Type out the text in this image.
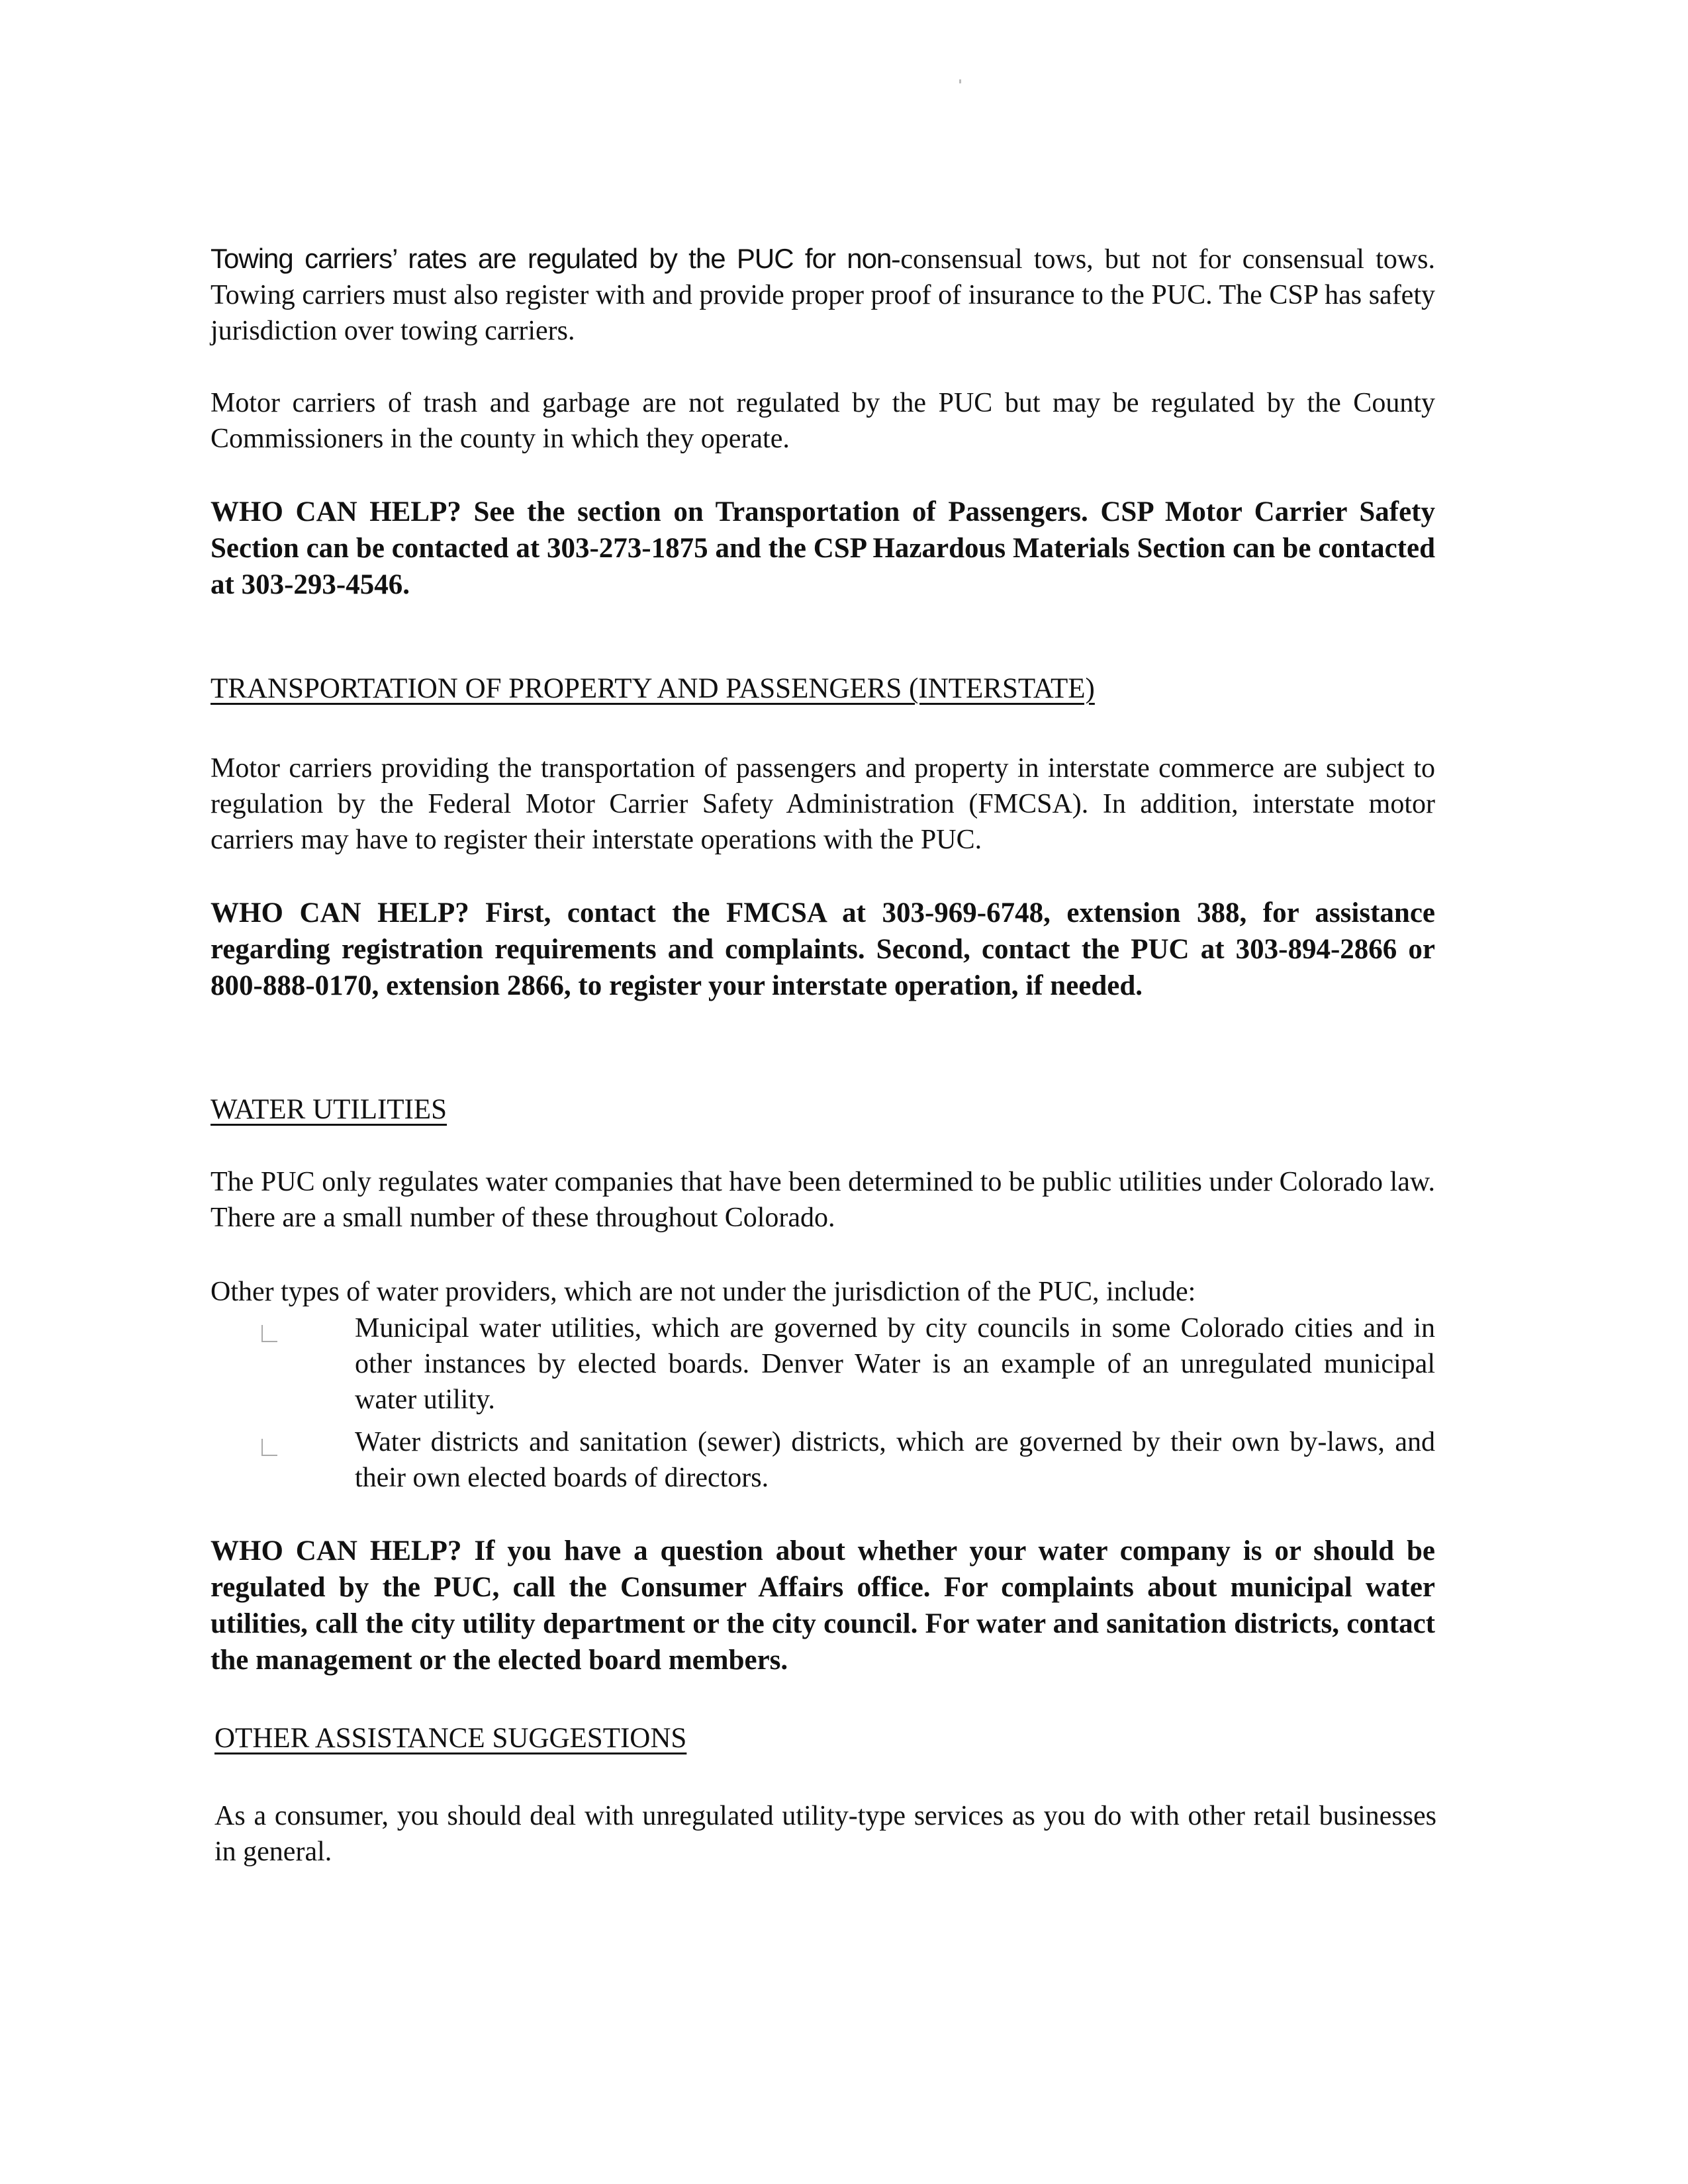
Towing carriers’ rates are regulated by the PUC for non-consensual tows, but not for consensual tows. Towing carriers must also register with and provide proper proof of insurance to the PUC. The CSP has safety jurisdiction over towing carriers.

Motor carriers of trash and garbage are not regulated by the PUC but may be regulated by the County Commissioners in the county in which they operate.

WHO CAN HELP? See the section on Transportation of Passengers. CSP Motor Carrier Safety Section can be contacted at 303-273-1875 and the CSP Hazardous Materials Section can be contacted at 303-293-4546.

TRANSPORTATION OF PROPERTY AND PASSENGERS (INTERSTATE)

Motor carriers providing the transportation of passengers and property in interstate commerce are subject to regulation by the Federal Motor Carrier Safety Administration (FMCSA). In addition, interstate motor carriers may have to register their interstate operations with the PUC.

WHO CAN HELP? First, contact the FMCSA at 303-969-6748, extension 388, for assistance regarding registration requirements and complaints. Second, contact the PUC at 303-894-2866 or 800-888-0170, extension 2866, to register your interstate operation, if needed.

WATER UTILITIES

The PUC only regulates water companies that have been determined to be public utilities under Colorado law. There are a small number of these throughout Colorado.

Other types of water providers, which are not under the jurisdiction of the PUC, include:

Municipal water utilities, which are governed by city councils in some Colorado cities and in other instances by elected boards. Denver Water is an example of an unregulated municipal water utility.
Water districts and sanitation (sewer) districts, which are governed by their own by-laws, and their own elected boards of directors.

WHO CAN HELP? If you have a question about whether your water company is or should be regulated by the PUC, call the Consumer Affairs office. For complaints about municipal water utilities, call the city utility department or the city council. For water and sanitation districts, contact the management or the elected board members.

OTHER ASSISTANCE SUGGESTIONS

As a consumer, you should deal with unregulated utility-type services as you do with other retail businesses in general.
